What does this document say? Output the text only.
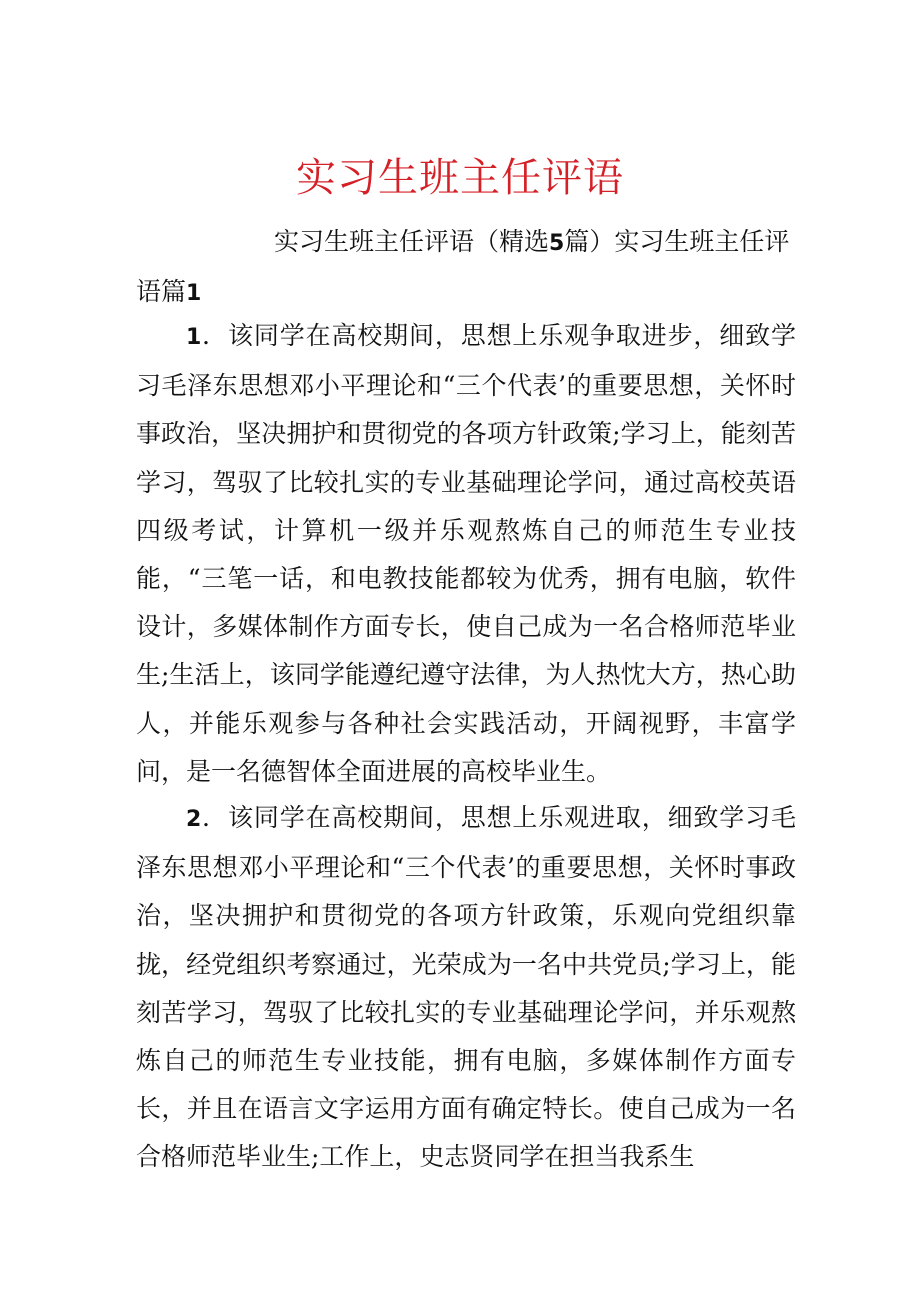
实习生班主任评语

实习生班主任评语（精选5篇）实习生班主任评语篇1

1．该同学在高校期间，思想上乐观争取进步，细致学习毛泽东思想邓小平理论和“三个代表’的重要思想，关怀时事政治，坚决拥护和贯彻党的各项方针政策;学习上，能刻苦学习，驾驭了比较扎实的专业基础理论学问，通过高校英语四级考试，计算机一级并乐观熬炼自己的师范生专业技能，“三笔一话，和电教技能都较为优秀，拥有电脑，软件设计，多媒体制作方面专长，使自己成为一名合格师范毕业生;生活上，该同学能遵纪遵守法律，为人热忱大方，热心助人，并能乐观参与各种社会实践活动，开阔视野，丰富学问，是一名德智体全面进展的高校毕业生。

2．该同学在高校期间，思想上乐观进取，细致学习毛泽东思想邓小平理论和“三个代表’的重要思想，关怀时事政治，坚决拥护和贯彻党的各项方针政策，乐观向党组织靠拢，经党组织考察通过，光荣成为一名中共党员;学习上，能刻苦学习，驾驭了比较扎实的专业基础理论学问，并乐观熬炼自己的师范生专业技能，拥有电脑，多媒体制作方面专长，并且在语言文字运用方面有确定特长。使自己成为一名合格师范毕业生;工作上，史志贤同学在担当我系生
